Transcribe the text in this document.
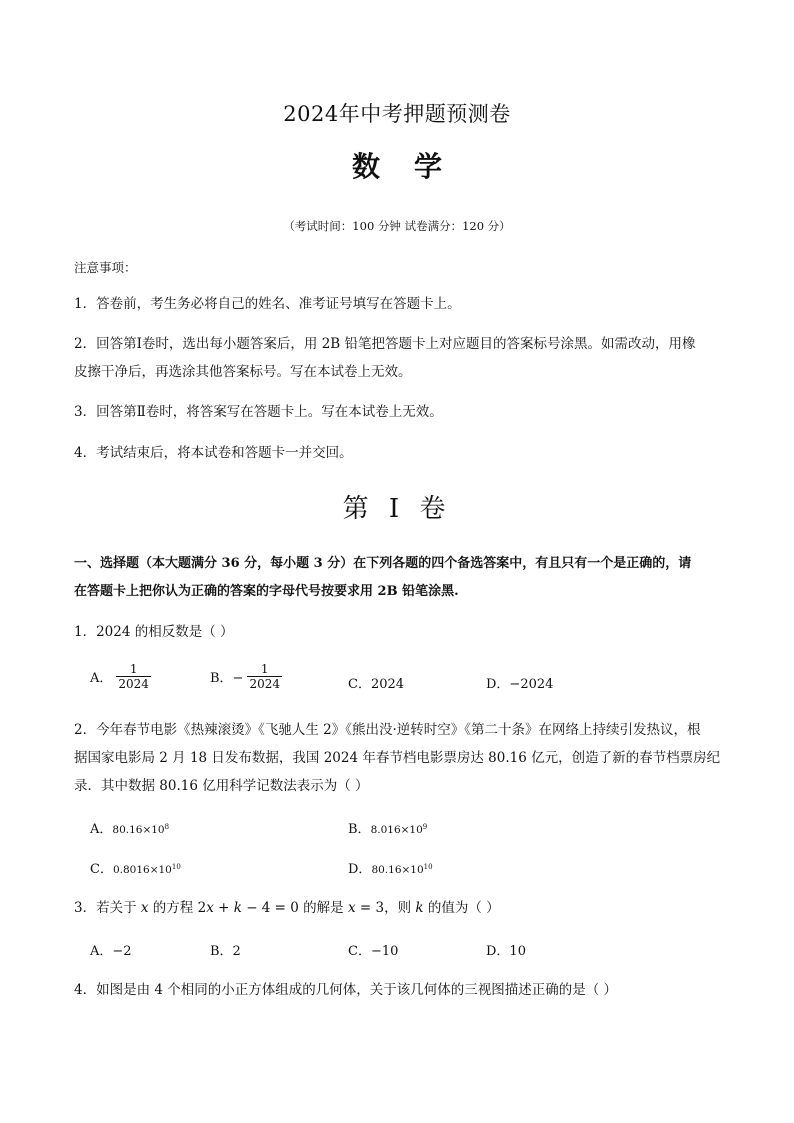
2024年中考押题预测卷
数学
（考试时间：100 分钟 试卷满分：120 分）
注意事项：
1．答卷前，考生务必将自己的姓名、准考证号填写在答题卡上。
2．回答第Ⅰ卷时，选出每小题答案后，用 2B 铅笔把答题卡上对应题目的答案标号涂黑。如需改动，用橡
皮擦干净后，再选涂其他答案标号。写在本试卷上无效。
3．回答第Ⅱ卷时，将答案写在答题卡上。写在本试卷上无效。
4．考试结束后，将本试卷和答题卡一并交回。
第 I 卷
一、选择题（本大题满分 36 分，每小题 3 分）在下列各题的四个备选答案中，有且只有一个是正确的，请
在答题卡上把你认为正确的答案的字母代号按要求用 2B 铅笔涂黑.
1．2024 的相反数是（ ）
A． $\frac{1}{2024}$	B．− $\frac{1}{2024}$	C．2024	D．−2024
2．今年春节电影《热辣滚烫》《飞驰人生 2》《熊出没·逆转时空》《第二十条》在网络上持续引发热议，根
据国家电影局 2 月 18 日发布数据，我国 2024 年春节档电影票房达 80.16 亿元，创造了新的春节档票房纪
录．其中数据 80.16 亿用科学记数法表示为（ ）
A．$80.16\times 10^8$	B．$8.016\times 10^9$
C．$0.8016\times 10^{10}$	D．$80.16\times 10^{10}$
3．若关于 x 的方程 2x + k − 4 = 0 的解是 x = 3，则 k 的值为（ ）
A．−2	B．2	C．−10	D．10
4．如图是由 4 个相同的小正方体组成的几何体，关于该几何体的三视图描述正确的是（ ）
